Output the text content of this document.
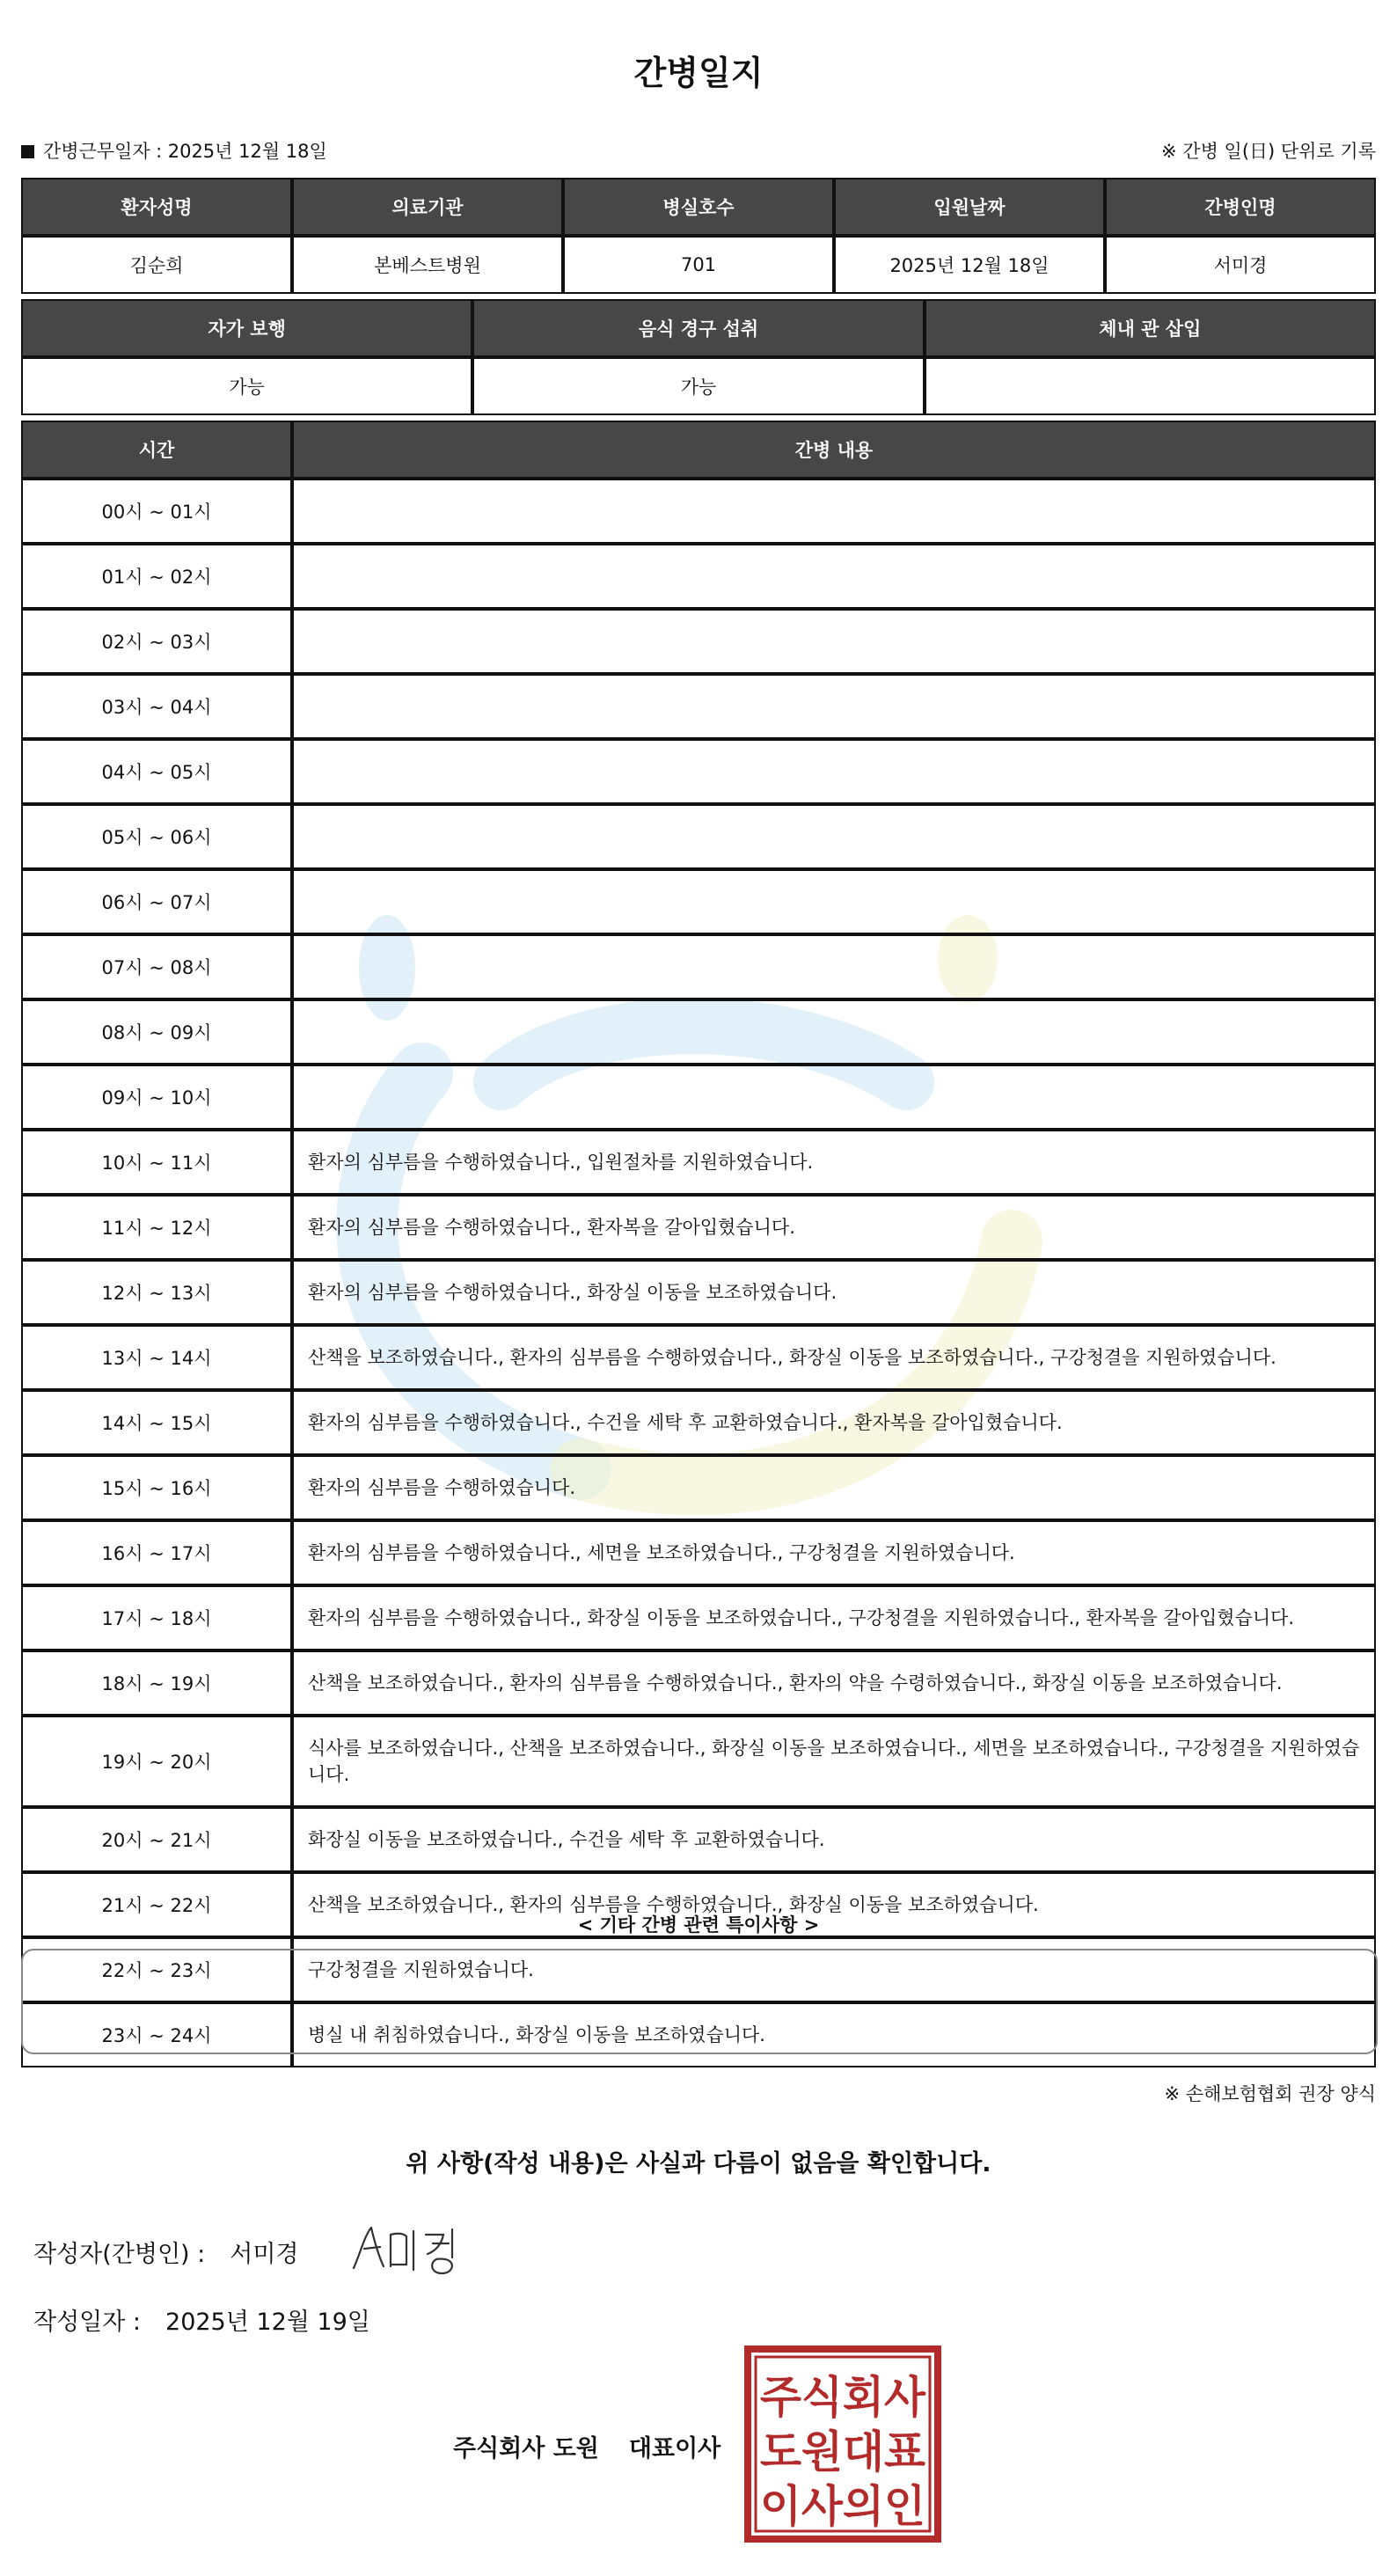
간병일지
간병근무일자 : 2025년 12월 18일	※ 간병 일(日) 단위로 기록
환자성명	의료기관	병실호수	입원날짜	간병인명
김순희	본베스트병원	701	2025년 12월 18일	서미경
자가 보행	음식 경구 섭취	체내 관 삽입
가능	가능	
시간	간병 내용
00시 ~ 01시	
01시 ~ 02시	
02시 ~ 03시	
03시 ~ 04시	
04시 ~ 05시	
05시 ~ 06시	
06시 ~ 07시	
07시 ~ 08시	
08시 ~ 09시	
09시 ~ 10시	
10시 ~ 11시	환자의 심부름을 수행하였습니다., 입원절차를 지원하였습니다.
11시 ~ 12시	환자의 심부름을 수행하였습니다., 환자복을 갈아입혔습니다.
12시 ~ 13시	환자의 심부름을 수행하였습니다., 화장실 이동을 보조하였습니다.
13시 ~ 14시	산책을 보조하였습니다., 환자의 심부름을 수행하였습니다., 화장실 이동을 보조하였습니다., 구강청결을 지원하였습니다.
14시 ~ 15시	환자의 심부름을 수행하였습니다., 수건을 세탁 후 교환하였습니다., 환자복을 갈아입혔습니다.
15시 ~ 16시	환자의 심부름을 수행하였습니다.
16시 ~ 17시	환자의 심부름을 수행하였습니다., 세면을 보조하였습니다., 구강청결을 지원하였습니다.
17시 ~ 18시	환자의 심부름을 수행하였습니다., 화장실 이동을 보조하였습니다., 구강청결을 지원하였습니다., 환자복을 갈아입혔습니다.
18시 ~ 19시	산책을 보조하였습니다., 환자의 심부름을 수행하였습니다., 환자의 약을 수령하였습니다., 화장실 이동을 보조하였습니다.
19시 ~ 20시	식사를 보조하였습니다., 산책을 보조하였습니다., 화장실 이동을 보조하였습니다., 세면을 보조하였습니다., 구강청결을 지원하였습니다.
20시 ~ 21시	화장실 이동을 보조하였습니다., 수건을 세탁 후 교환하였습니다.
21시 ~ 22시	산책을 보조하였습니다., 환자의 심부름을 수행하였습니다., 화장실 이동을 보조하였습니다.
22시 ~ 23시	구강청결을 지원하였습니다.
23시 ~ 24시	병실 내 취침하였습니다., 화장실 이동을 보조하였습니다.
< 기타 간병 관련 특이사항 >
※ 손해보험협회 권장 양식
위 사항(작성 내용)은 사실과 다름이 없음을 확인합니다.
작성자(간병인) : 서미경
작성일자 : 2025년 12월 19일
주식회사 도원 대표이사
주식회사
도원대표
이사의인
